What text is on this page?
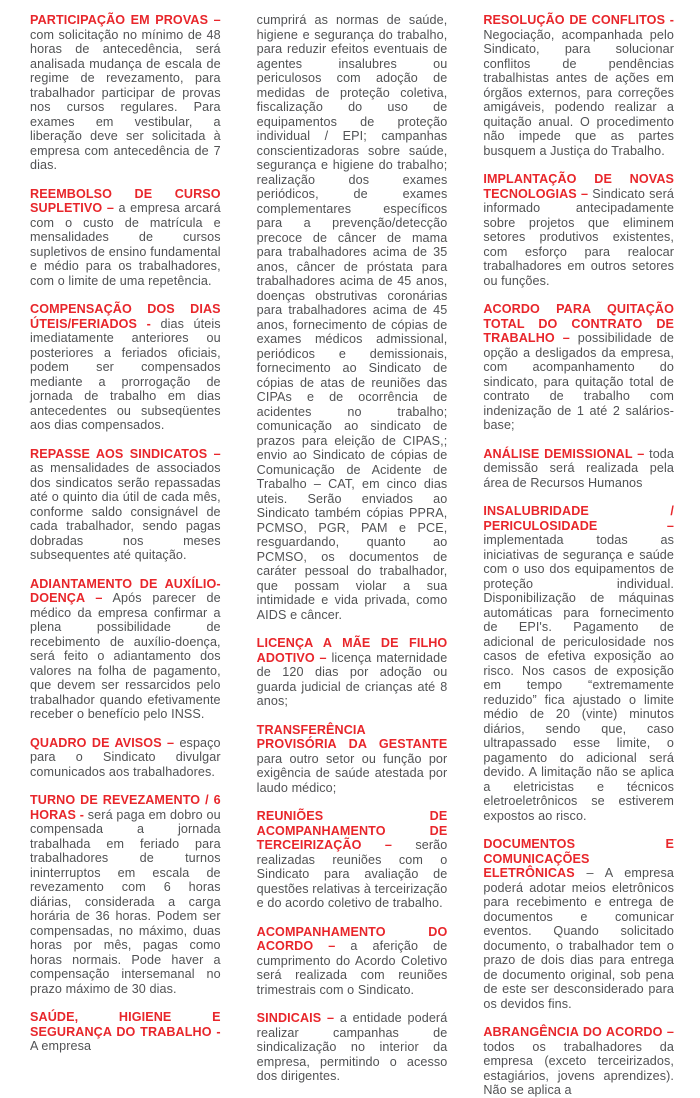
PARTICIPAÇÃO EM PROVAS – com solicitação no mínimo de 48 horas de antecedência, será analisada mudança de escala de regime de revezamento, para trabalhador participar de provas nos cursos regulares. Para exames em vestibular, a liberação deve ser solicitada à empresa com antecedência de 7 dias.

REEMBOLSO DE CURSO SUPLETIVO – a empresa arcará com o custo de matrícula e mensalidades de cursos supletivos de ensino fundamental e médio para os trabalhadores, com o limite de uma repetência.

COMPENSAÇÃO DOS DIAS ÚTEIS/FERIADOS - dias úteis imediatamente anteriores ou posteriores a feriados oficiais, podem ser compensados mediante a prorrogação de jornada de trabalho em dias antecedentes ou subseqüentes aos dias compensados.

REPASSE AOS SINDICATOS – as mensalidades de associados dos sindicatos serão repassadas até o quinto dia útil de cada mês, conforme saldo consignável de cada trabalhador, sendo pagas dobradas nos meses subsequentes até quitação.

ADIANTAMENTO DE AUXÍLIO-DOENÇA – Após parecer de médico da empresa confirmar a plena possibilidade de recebimento de auxílio-doença, será feito o adiantamento dos valores na folha de pagamento, que devem ser ressarcidos pelo trabalhador quando efetivamente receber o benefício pelo INSS.

QUADRO DE AVISOS – espaço para o Sindicato divulgar comunicados aos trabalhadores.

TURNO DE REVEZAMENTO / 6 HORAS - será paga em dobro ou compensada a jornada trabalhada em feriado para trabalhadores de turnos ininterruptos em escala de revezamento com 6 horas diárias, considerada a carga horária de 36 horas. Podem ser compensadas, no máximo, duas horas por mês, pagas como horas normais. Pode haver a compensação intersemanal no prazo máximo de 30 dias.

SAÚDE, HIGIENE E SEGURANÇA DO TRABALHO - A empresa

cumprirá as normas de saúde, higiene e segurança do trabalho, para reduzir efeitos eventuais de agentes insalubres ou periculosos com adoção de medidas de proteção coletiva, fiscalização do uso de equipamentos de proteção individual / EPI; campanhas conscientizadoras sobre saúde, segurança e higiene do trabalho; realização dos exames periódicos, de exames complementares específicos para a prevenção/detecção precoce de câncer de mama para trabalhadores acima de 35 anos, câncer de próstata para trabalhadores acima de 45 anos, doenças obstrutivas coronárias para trabalhadores acima de 45 anos, fornecimento de cópias de exames médicos admissional, periódicos e demissionais, fornecimento ao Sindicato de cópias de atas de reuniões das CIPAs e de ocorrência de acidentes no trabalho; comunicação ao sindicato de prazos para eleição de CIPAS,; envio ao Sindicato de cópias de Comunicação de Acidente de Trabalho – CAT, em cinco dias uteis. Serão enviados ao Sindicato também cópias PPRA, PCMSO, PGR, PAM e PCE, resguardando, quanto ao PCMSO, os documentos de caráter pessoal do trabalhador, que possam violar a sua intimidade e vida privada, como AIDS e câncer.

LICENÇA A MÃE DE FILHO ADOTIVO – licença maternidade de 120 dias por adoção ou guarda judicial de crianças até 8 anos;

TRANSFERÊNCIA PROVISÓRIA DA GESTANTE para outro setor ou função por exigência de saúde atestada por laudo médico;

REUNIÕES DE ACOMPANHAMENTO DE TERCEIRIZAÇÃO – serão realizadas reuniões com o Sindicato para avaliação de questões relativas à terceirização e do acordo coletivo de trabalho.

ACOMPANHAMENTO DO ACORDO – a aferição de cumprimento do Acordo Coletivo será realizada com reuniões trimestrais com o Sindicato.

SINDICAIS – a entidade poderá realizar campanhas de sindicalização no interior da empresa, permitindo o acesso dos dirigentes.

RESOLUÇÃO DE CONFLITOS - Negociação, acompanhada pelo Sindicato, para solucionar conflitos de pendências trabalhistas antes de ações em órgãos externos, para correções amigáveis, podendo realizar a quitação anual. O procedimento não impede que as partes busquem a Justiça do Trabalho.

IMPLANTAÇÃO DE NOVAS TECNOLOGIAS – Sindicato será informado antecipadamente sobre projetos que eliminem setores produtivos existentes, com esforço para realocar trabalhadores em outros setores ou funções.

ACORDO PARA QUITAÇÃO TOTAL DO CONTRATO DE TRABALHO – possibilidade de opção a desligados da empresa, com acompanhamento do sindicato, para quitação total de contrato de trabalho com indenização de 1 até 2 salários-base;

ANÁLISE DEMISSIONAL – toda demissão será realizada pela área de Recursos Humanos

INSALUBRIDADE / PERICULOSIDADE – implementada todas as iniciativas de segurança e saúde com o uso dos equipamentos de proteção individual. Disponibilização de máquinas automáticas para fornecimento de EPI's. Pagamento de adicional de periculosidade nos casos de efetiva exposição ao risco. Nos casos de exposição em tempo “extremamente reduzido” fica ajustado o limite médio de 20 (vinte) minutos diários, sendo que, caso ultrapassado esse limite, o pagamento do adicional será devido. A limitação não se aplica a eletricistas e técnicos eletroeletrônicos se estiverem expostos ao risco.

DOCUMENTOS E COMUNICAÇÕES ELETRÔNICAS – A empresa poderá adotar meios eletrônicos para recebimento e entrega de documentos e comunicar eventos. Quando solicitado documento, o trabalhador tem o prazo de dois dias para entrega de documento original, sob pena de este ser desconsiderado para os devidos fins.

ABRANGÊNCIA DO ACORDO – todos os trabalhadores da empresa (exceto terceirizados, estagiários, jovens aprendizes). Não se aplica a
